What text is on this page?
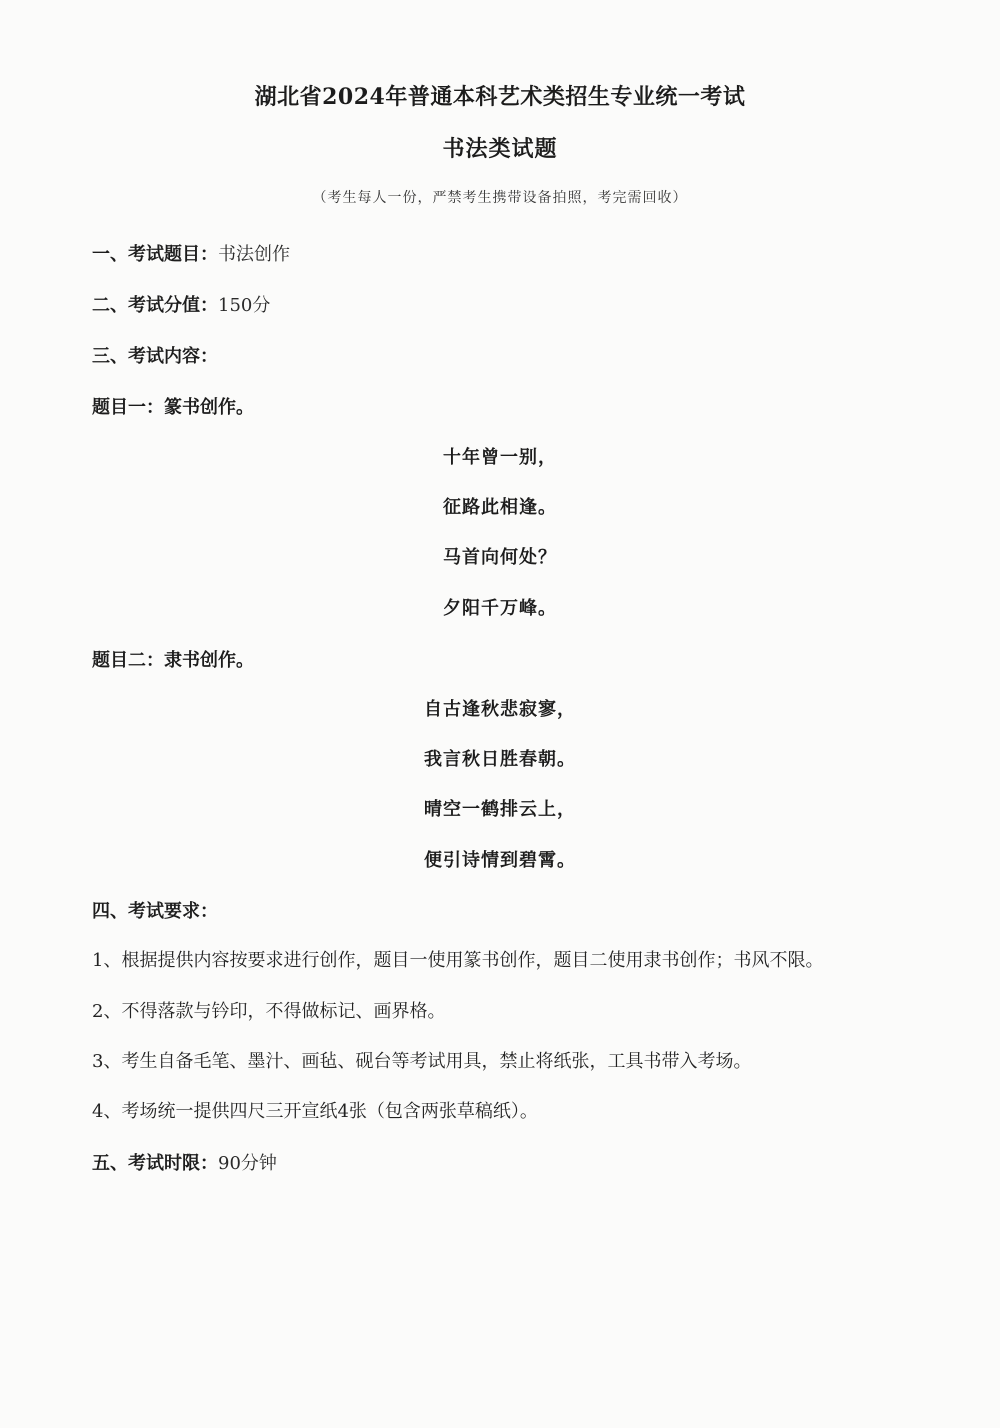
湖北省2024年普通本科艺术类招生专业统一考试
书法类试题
（考生每人一份，严禁考生携带设备拍照，考完需回收）
一、考试题目：书法创作
二、考试分值：150分
三、考试内容：
题目一：篆书创作。
十年曾一别，
征路此相逢。
马首向何处？
夕阳千万峰。
题目二：隶书创作。
自古逢秋悲寂寥，
我言秋日胜春朝。
晴空一鹤排云上，
便引诗情到碧霄。
四、考试要求：
1、根据提供内容按要求进行创作，题目一使用篆书创作，题目二使用隶书创作；书风不限。
2、不得落款与钤印，不得做标记、画界格。
3、考生自备毛笔、墨汁、画毡、砚台等考试用具，禁止将纸张，工具书带入考场。
4、考场统一提供四尺三开宣纸4张（包含两张草稿纸）。
五、考试时限：90分钟
